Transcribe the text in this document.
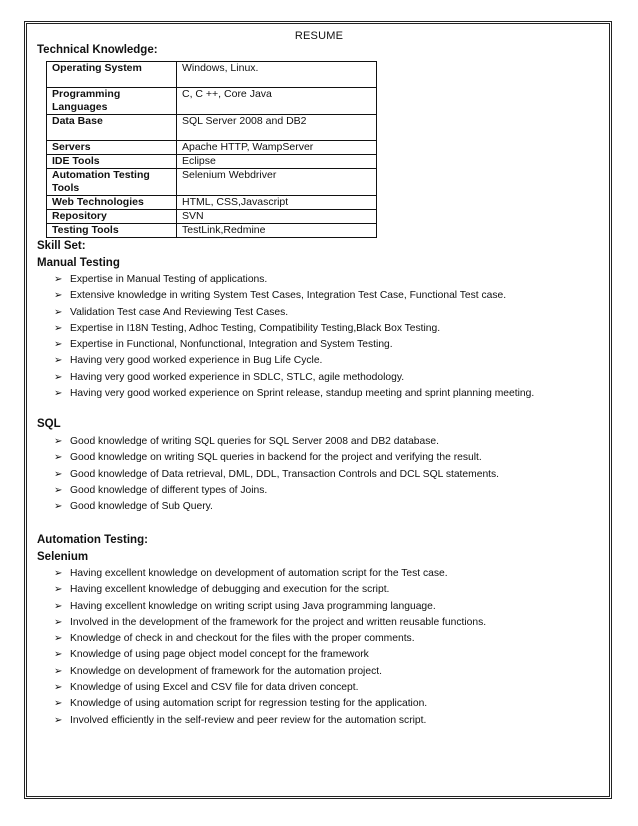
RESUME
Technical Knowledge:
Operating System	Windows, Linux.
Programming Languages	C, C ++, Core Java
Data Base	SQL Server 2008 and DB2
Servers	Apache HTTP, WampServer
IDE Tools	Eclipse
Automation Testing Tools	Selenium Webdriver
Web Technologies	HTML, CSS,Javascript
Repository	SVN
Testing Tools	TestLink,Redmine
Skill Set:
Manual Testing
➢ Expertise in Manual Testing of applications.
➢ Extensive knowledge in writing System Test Cases, Integration Test Case, Functional Test case.
➢ Validation Test case And Reviewing Test Cases.
➢ Expertise in I18N Testing, Adhoc Testing, Compatibility Testing,Black Box Testing.
➢ Expertise in Functional, Nonfunctional, Integration and System Testing.
➢ Having very good worked experience in Bug Life Cycle.
➢ Having very good worked experience in SDLC, STLC, agile methodology.
➢ Having very good worked experience on Sprint release, standup meeting and sprint planning meeting.
SQL
➢ Good knowledge of writing SQL queries for SQL Server 2008 and DB2 database.
➢ Good knowledge on writing SQL queries in backend for the project and verifying the result.
➢ Good knowledge of Data retrieval, DML, DDL, Transaction Controls and DCL SQL statements.
➢ Good knowledge of different types of Joins.
➢ Good knowledge of Sub Query.
Automation Testing:
Selenium
➢ Having excellent knowledge on development of automation script for the Test case.
➢ Having excellent knowledge of debugging and execution for the script.
➢ Having excellent knowledge on writing script using Java programming language.
➢ Involved in the development of the framework for the project and written reusable functions.
➢ Knowledge of check in and checkout for the files with the proper comments.
➢ Knowledge of using page object model concept for the framework
➢ Knowledge on development of framework for the automation project.
➢ Knowledge of using Excel and CSV file for data driven concept.
➢ Knowledge of using automation script for regression testing for the application.
➢ Involved efficiently in the self-review and peer review for the automation script.
